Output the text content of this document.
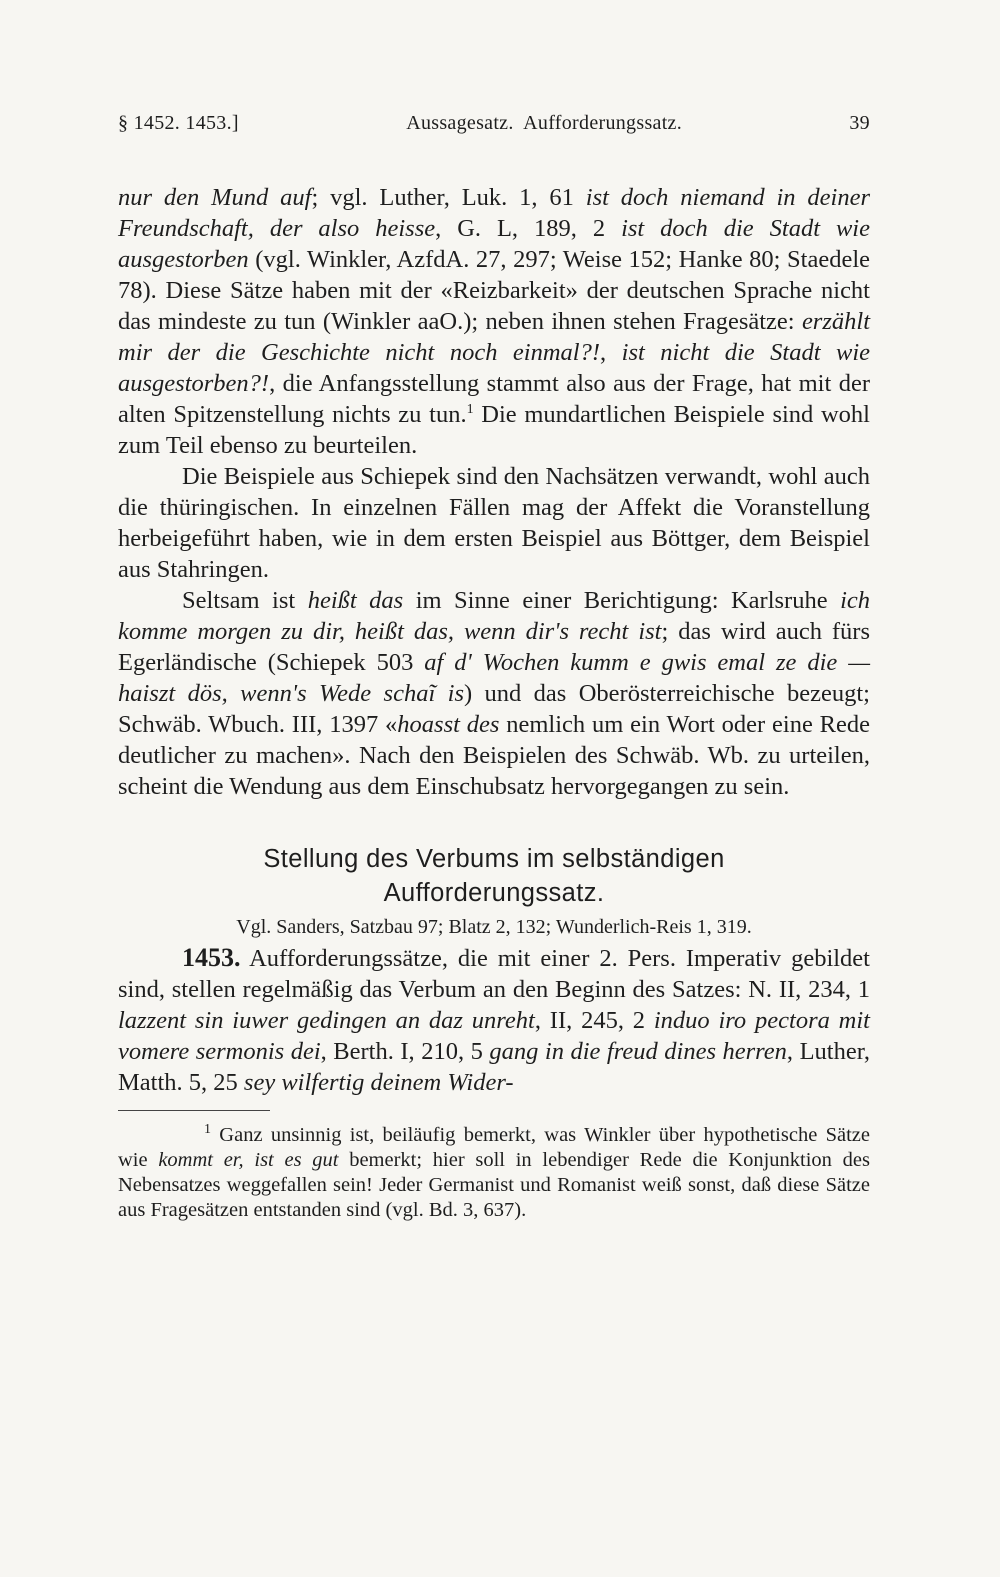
§ 1452. 1453.]	Aussagesatz.  Aufforderungssatz.	39

nur den Mund auf; vgl. Luther, Luk. 1, 61 ist doch niemand in deiner Freundschaft, der also heisse, G. L, 189, 2 ist doch die Stadt wie ausgestorben (vgl. Winkler, AzfdA. 27, 297; Weise 152; Hanke 80; Staedele 78). Diese Sätze haben mit der «Reizbarkeit» der deutschen Sprache nicht das mindeste zu tun (Winkler aaO.); neben ihnen stehen Fragesätze: erzählt mir der die Geschichte nicht noch einmal?!, ist nicht die Stadt wie ausgestorben?!, die Anfangsstellung stammt also aus der Frage, hat mit der alten Spitzenstellung nichts zu tun.$^1$ Die mundartlichen Beispiele sind wohl zum Teil ebenso zu beurteilen.

Die Beispiele aus Schiepek sind den Nachsätzen verwandt, wohl auch die thüringischen. In einzelnen Fällen mag der Affekt die Voranstellung herbeigeführt haben, wie in dem ersten Beispiel aus Böttger, dem Beispiel aus Stahringen.

Seltsam ist heißt das im Sinne einer Berichtigung: Karlsruhe ich komme morgen zu dir, heißt das, wenn dir's recht ist; das wird auch fürs Egerländische (Schiepek 503 af d' Wochen kumm e gwis emal ze die — haiszt dös, wenn's Wede schaĩ is) und das Oberösterreichische bezeugt; Schwäb. Wbuch. III, 1397 «hoasst des nemlich um ein Wort oder eine Rede deutlicher zu machen». Nach den Beispielen des Schwäb. Wb. zu urteilen, scheint die Wendung aus dem Einschubsatz hervorgegangen zu sein.

Stellung des Verbums im selbständigen
Aufforderungssatz.
Vgl. Sanders, Satzbau 97; Blatz 2, 132; Wunderlich-Reis 1, 319.

1453. Aufforderungssätze, die mit einer 2. Pers. Imperativ gebildet sind, stellen regelmäßig das Verbum an den Beginn des Satzes: N. II, 234, 1 lazzent sin iuwer gedingen an daz unreht, II, 245, 2 induo iro pectora mit vomere sermonis dei, Berth. I, 210, 5 gang in die freud dines herren, Luther, Matth. 5, 25 sey wilfertig deinem Wider-

$^1$ Ganz unsinnig ist, beiläufig bemerkt, was Winkler über hypothetische Sätze wie kommt er, ist es gut bemerkt; hier soll in lebendiger Rede die Konjunktion des Nebensatzes weggefallen sein! Jeder Germanist und Romanist weiß sonst, daß diese Sätze aus Fragesätzen entstanden sind (vgl. Bd. 3, 637).
